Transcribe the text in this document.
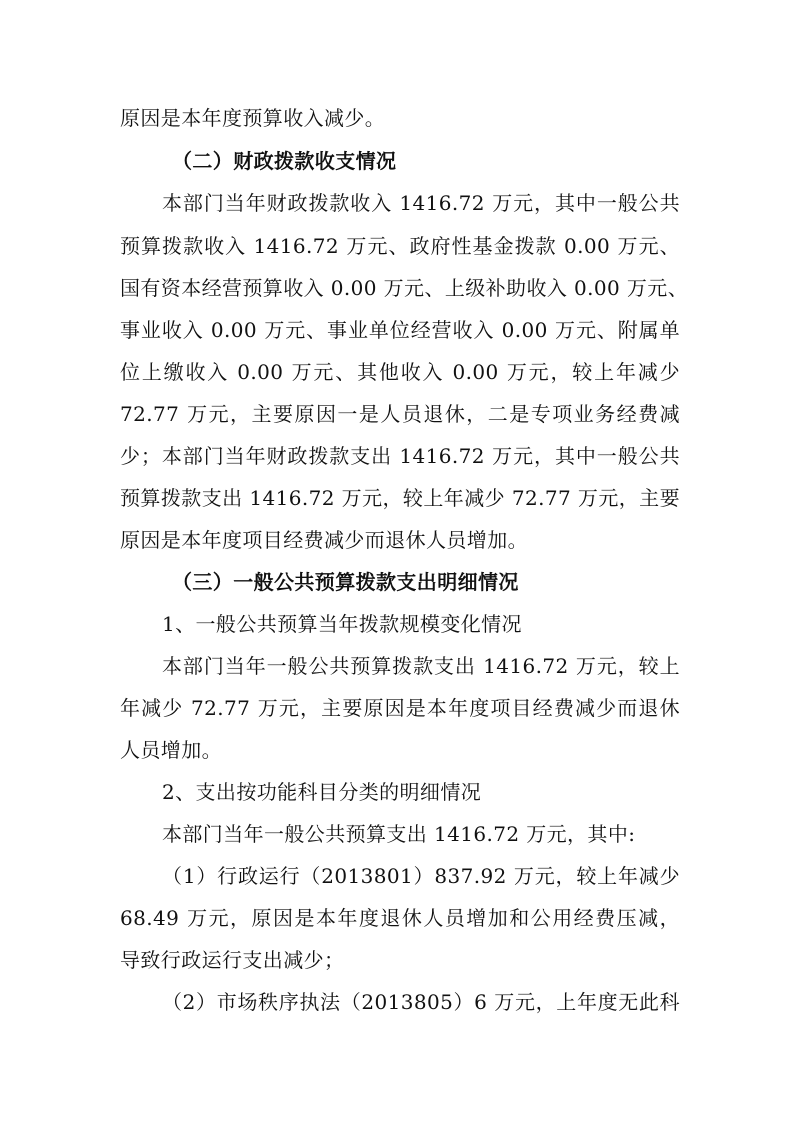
原因是本年度预算收入减少。
（二）财政拨款收支情况
本部门当年财政拨款收入 1416.72 万元，其中一般公共
预算拨款收入 1416.72 万元、政府性基金拨款 0.00 万元、
国有资本经营预算收入 0.00 万元、上级补助收入 0.00 万元、
事业收入 0.00 万元、事业单位经营收入 0.00 万元、附属单
位上缴收入 0.00 万元、其他收入 0.00 万元，较上年减少
72.77 万元，主要原因一是人员退休，二是专项业务经费减
少；本部门当年财政拨款支出 1416.72 万元，其中一般公共
预算拨款支出 1416.72 万元，较上年减少 72.77 万元，主要
原因是本年度项目经费减少而退休人员增加。
（三）一般公共预算拨款支出明细情况
1、一般公共预算当年拨款规模变化情况
本部门当年一般公共预算拨款支出 1416.72 万元，较上
年减少 72.77 万元，主要原因是本年度项目经费减少而退休
人员增加。
2、支出按功能科目分类的明细情况
本部门当年一般公共预算支出 1416.72 万元，其中:
（1）行政运行（2013801）837.92 万元，较上年减少
68.49 万元，原因是本年度退休人员增加和公用经费压减，
导致行政运行支出减少；
（2）市场秩序执法（2013805）6 万元，上年度无此科
